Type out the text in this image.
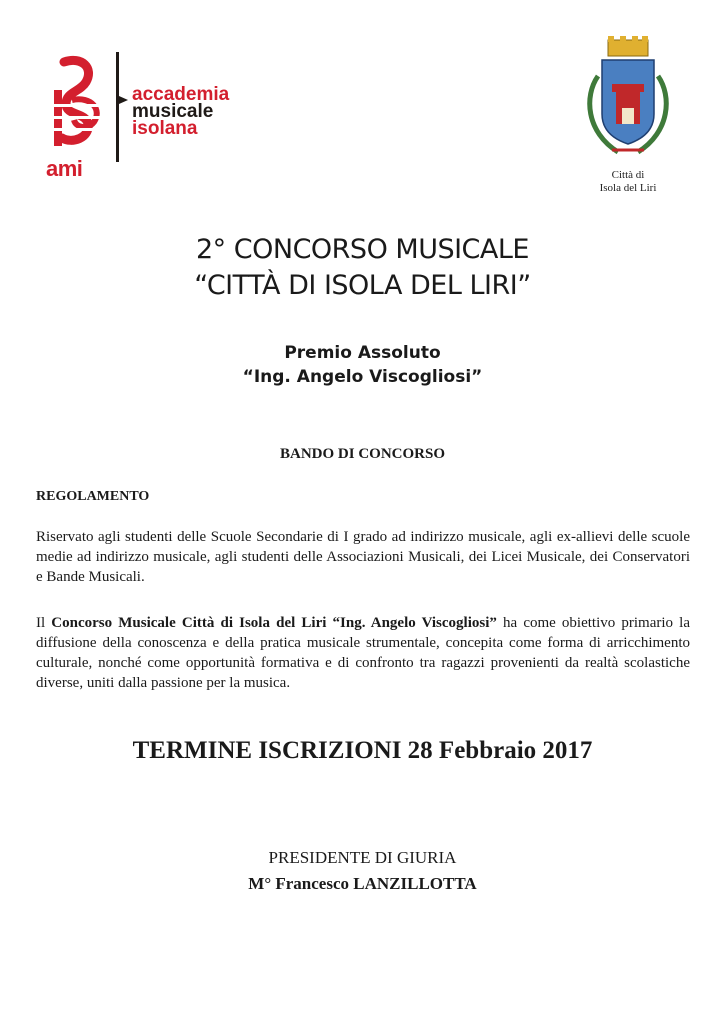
accademia
musicale
isolana
ami	Città di
Isola del Liri
2° CONCORSO MUSICALE
“CITTÀ DI ISOLA DEL LIRI”
Premio Assoluto
“Ing. Angelo Viscogliosi”
BANDO DI CONCORSO
REGOLAMENTO
Riservato agli studenti delle Scuole Secondarie di I grado ad indirizzo musicale, agli ex-allievi delle scuole medie ad indirizzo musicale, agli studenti delle Associazioni Musicali, dei Licei Musicale, dei Conservatori e Bande Musicali.
Il Concorso Musicale Città di Isola del Liri “Ing. Angelo Viscogliosi” ha come obiettivo primario la diffusione della conoscenza e della pratica musicale strumentale, concepita come forma di arricchimento culturale, nonché come opportunità formativa e di confronto tra ragazzi provenienti da realtà scolastiche diverse, uniti dalla passione per la musica.
TERMINE ISCRIZIONI 28 Febbraio 2017
PRESIDENTE DI GIURIA
M° Francesco LANZILLOTTA
